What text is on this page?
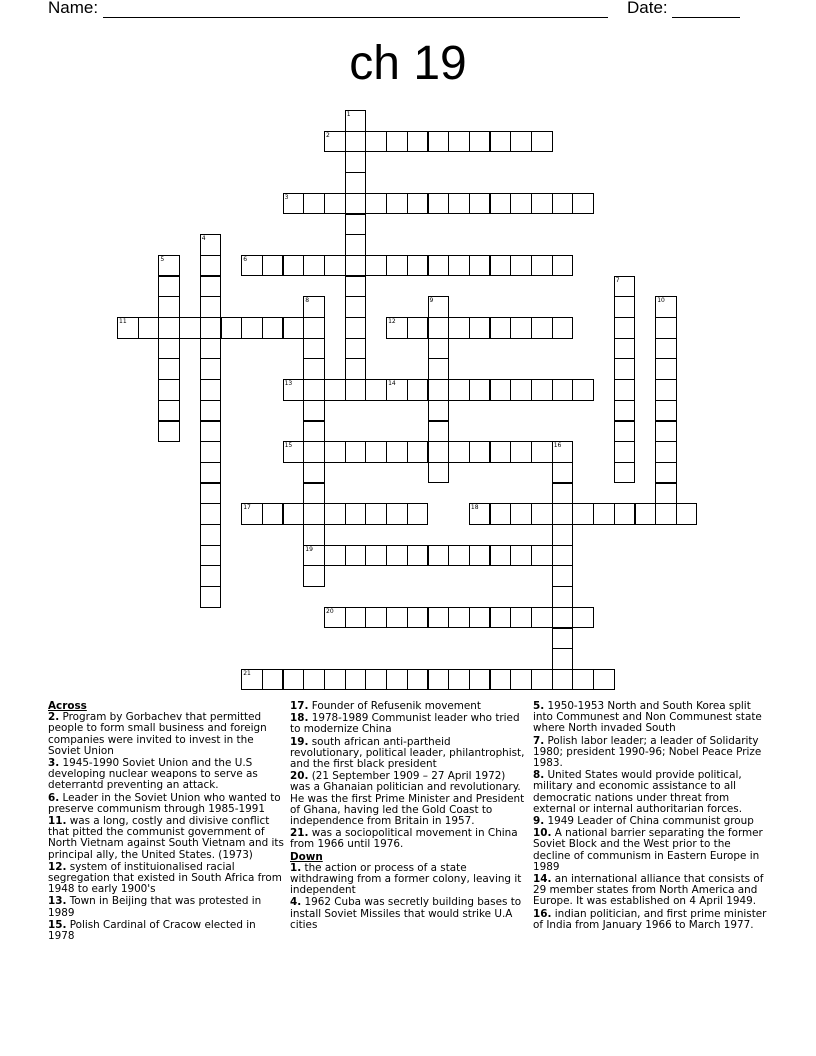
Name:	Date:
ch 19
1
2
3
4
5	6
7
8
19
9	10
11	12
13	14
15	16
17	18
20
21
Across
2. Program by Gorbachev that permitted people to form small business and foreign companies were invited to invest in the Soviet Union
3. 1945-1990 Soviet Union and the U.S developing nuclear weapons to serve as deterrantd preventing an attack.
6. Leader in the Soviet Union who wanted to preserve communism through 1985-1991
11. was a long, costly and divisive conflict that pitted the communist government of North Vietnam against South Vietnam and its principal ally, the United States. (1973)
12. system of instituionalised racial segregation that existed in South Africa from 1948 to early 1900's
13. Town in Beijing that was protested in 1989
15. Polish Cardinal of Cracow elected in 1978
17. Founder of Refusenik movement
18. 1978-1989 Communist leader who tried to modernize China
19. south african anti-partheid revolutionary, political leader, philantrophist, and the first black president
20. (21 September 1909 – 27 April 1972) was a Ghanaian politician and revolutionary. He was the first Prime Minister and President of Ghana, having led the Gold Coast to independence from Britain in 1957.
21. was a sociopolitical movement in China from 1966 until 1976.
Down
1. the action or process of a state withdrawing from a former colony, leaving it independent
4. 1962 Cuba was secretly building bases to install Soviet Missiles that would strike U.A cities
5. 1950-1953 North and South Korea split into Communest and Non Communest state where North invaded South
7. Polish labor leader; a leader of Solidarity 1980; president 1990-96; Nobel Peace Prize 1983.
8. United States would provide political, military and economic assistance to all democratic nations under threat from external or internal authoritarian forces.
9. 1949 Leader of China communist group
10. A national barrier separating the former Soviet Block and the West prior to the decline of communism in Eastern Europe in 1989
14. an international alliance that consists of 29 member states from North America and Europe. It was established on 4 April 1949.
16. indian politician, and first prime minister of India from January 1966 to March 1977.
